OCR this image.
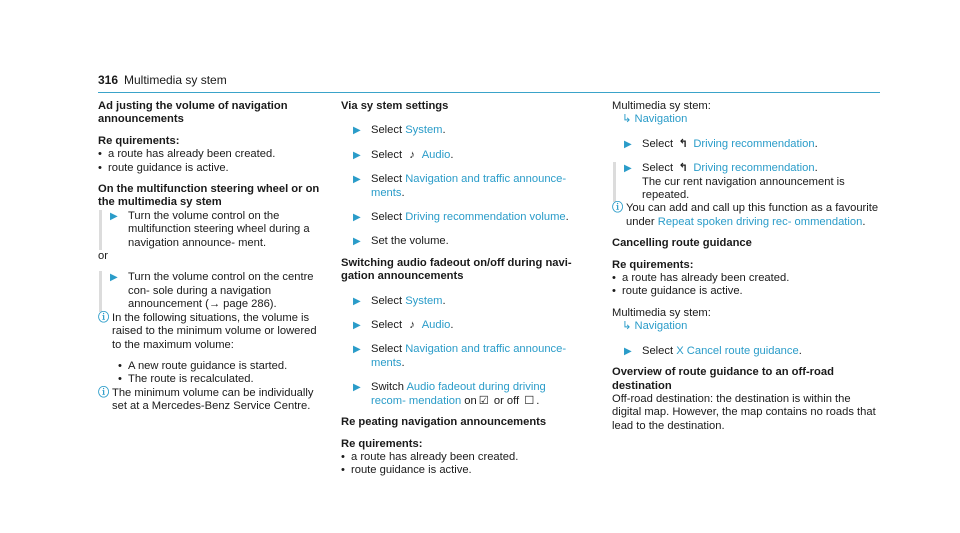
316 Multimedia sy stem
Ad justing the volume of navigation announcements
Re quirements:
• a route has already been created.
• route guidance is active.
On the multifunction steering wheel or on the multimedia sy stem
▶ Turn the volume control on the multifunction steering wheel during a navigation announce‐ ment.
or
▶ Turn the volume control on the centre con‐ sole during a navigation announcement (→ page 286).
ⓘ In the following situations, the volume is raised to the minimum volume or lowered to the maximum volume:
• A new route guidance is started.
• The route is recalculated.
ⓘ The minimum volume can be individually set at a Mercedes-Benz Service Centre.
Via sy stem settings
▶ Select System.
▶ Select ♪ Audio.
▶ Select Navigation and traffic announce‐ ments.
▶ Select Driving recommendation volume.
▶ Set the volume.
Switching audio fadeout on/off during navi‐ gation announcements
▶ Select System.
▶ Select ♪ Audio.
▶ Select Navigation and traffic announce‐ ments.
▶ Switch Audio fadeout during driving recom‐ mendation on ☑ or off ☐ .
Re peating navigation announcements
Re quirements:
• a route has already been created.
• route guidance is active.
Multimedia sy stem:
↳ Navigation
▶ Select ↰ Driving recommendation.
▶ Select ↰ Driving recommendation.
The cur rent navigation announcement is repeated.
ⓘ You can add and call up this function as a favourite under Repeat spoken driving rec‐ ommendation.
Cancelling route guidance
Re quirements:
• a route has already been created.
• route guidance is active.
Multimedia sy stem:
↳ Navigation
▶ Select X Cancel route guidance.
Overview of route guidance to an off-road destination
Off-road destination: the destination is within the digital map. However, the map contains no roads that lead to the destination.
